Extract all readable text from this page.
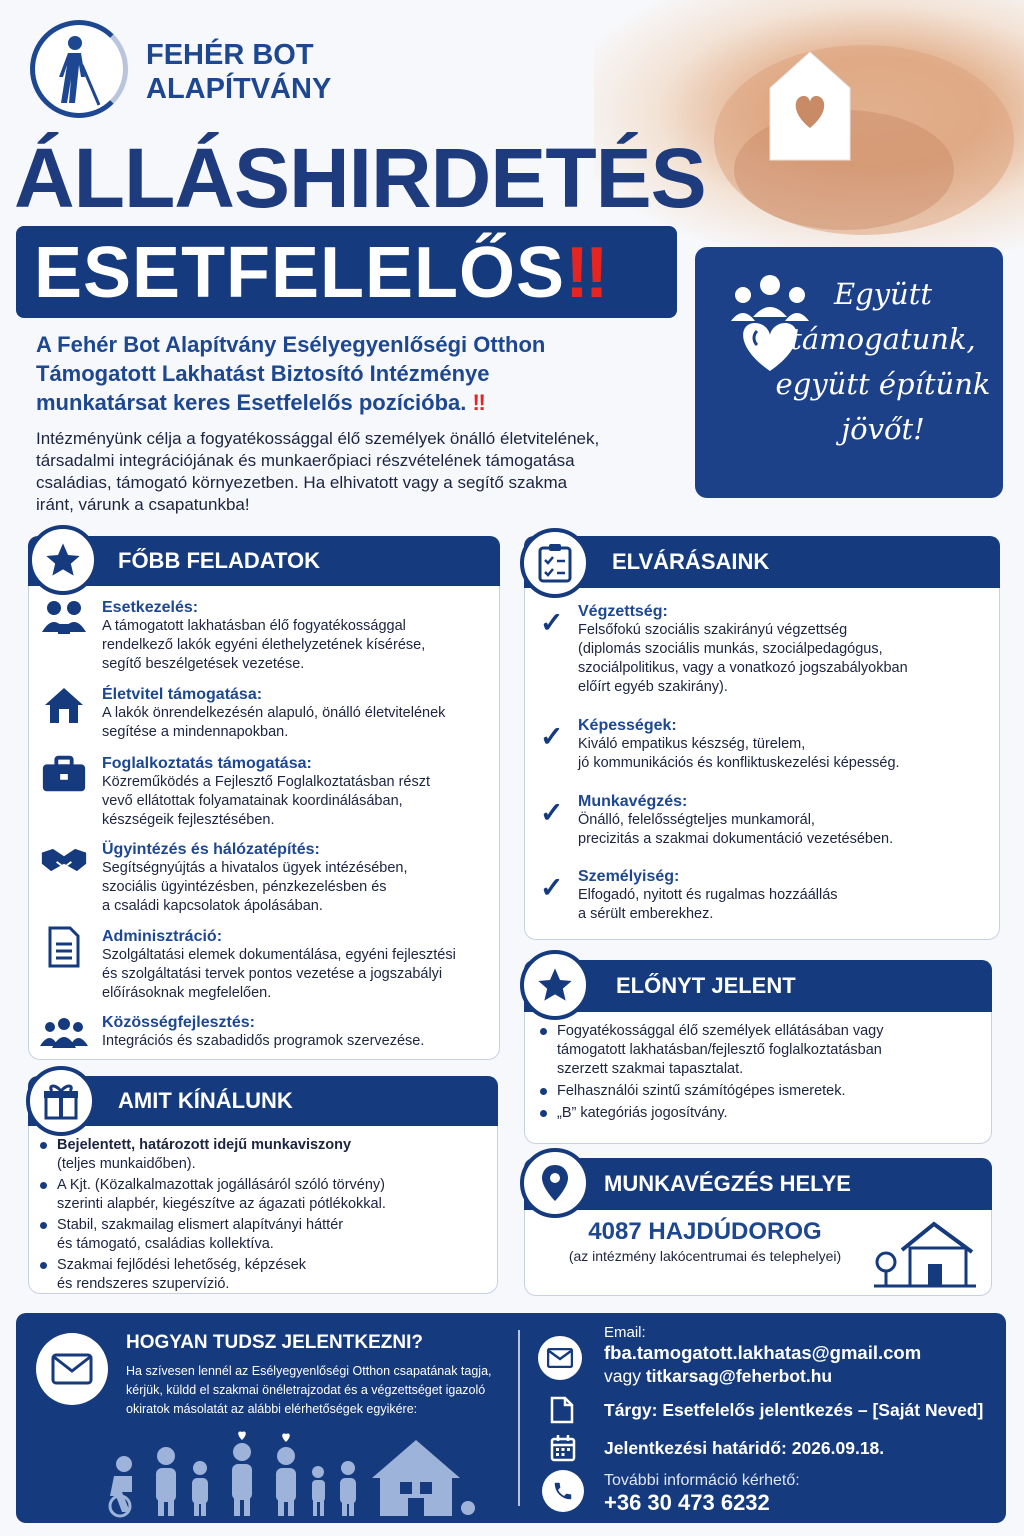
FEHÉR BOT
ALAPÍTVÁNY
ÁLLÁSHIRDETÉS
ESETFELELŐS‼	Együtt
támogatunk,
együtt építünk
jövőt!
A Fehér Bot Alapítvány Esélyegyenlőségi Otthon
Támogatott Lakhatást Biztosító Intézménye
munkatársat keres Esetfelelős pozícióba. ‼
Intézményünk célja a fogyatékossággal élő személyek önálló életvitelének,
társadalmi integrációjának és munkaerőpiaci részvételének támogatása
családias, támogató környezetben. Ha elhivatott vagy a segítő szakma
iránt, várunk a csapatunkba!
FŐBB FELADATOK
Esetkezelés:
A támogatott lakhatásban élő fogyatékossággal
rendelkező lakók egyéni élethelyzetének kísérése,
segítő beszélgetések vezetése.
Életvitel támogatása:
A lakók önrendelkezésén alapuló, önálló életvitelének
segítése a mindennapokban.
Foglalkoztatás támogatása:
Közreműködés a Fejlesztő Foglalkoztatásban részt
vevő ellátottak folyamatainak koordinálásában,
készségeik fejlesztésében.
Ügyintézés és hálózatépítés:
Segítségnyújtás a hivatalos ügyek intézésében,
szociális ügyintézésben, pénzkezelésben és
a családi kapcsolatok ápolásában.
Adminisztráció:
Szolgáltatási elemek dokumentálása, egyéni fejlesztési
és szolgáltatási tervek pontos vezetése a jogszabályi
előírásoknak megfelelően.
Közösségfejlesztés:
Integrációs és szabadidős programok szervezése.
ELVÁRÁSAINK
✓ Végzettség:
Felsőfokú szociális szakirányú végzettség
(diplomás szociális munkás, szociálpedagógus,
szociálpolitikus, vagy a vonatkozó jogszabályokban
előírt egyéb szakirány).
✓ Képességek:
Kiváló empatikus készség, türelem,
jó kommunikációs és konfliktuskezelési képesség.
✓ Munkavégzés:
Önálló, felelősségteljes munkamorál,
precizitás a szakmai dokumentáció vezetésében.
✓ Személyiség:
Elfogadó, nyitott és rugalmas hozzáállás
a sérült emberekhez.
ELŐNYT JELENT
Fogyatékossággal élő személyek ellátásában vagy
támogatott lakhatásban/fejlesztő foglalkoztatásban
szerzett szakmai tapasztalat.
Felhasználói szintű számítógépes ismeretek.
„B” kategóriás jogosítvány.
AMIT KÍNÁLUNK
Bejelentett, határozott idejű munkaviszony
(teljes munkaidőben).
A Kjt. (Közalkalmazottak jogállásáról szóló törvény)
szerinti alapbér, kiegészítve az ágazati pótlékokkal.
Stabil, szakmailag elismert alapítványi háttér
és támogató, családias kollektíva.
Szakmai fejlődési lehetőség, képzések
és rendszeres szupervízió.
MUNKAVÉGZÉS HELYE
4087 HAJDÚDOROG
(az intézmény lakócentrumai és telephelyei)
HOGYAN TUDSZ JELENTKEZNI?
Ha szívesen lennél az Esélyegyenlőségi Otthon csapatának tagja,
kérjük, küldd el szakmai önéletrajzodat és a végzettséget igazoló
okiratok másolatát az alábbi elérhetőségek egyikére:
Email:
fba.tamogatott.lakhatas@gmail.com
vagy titkarsag@feherbot.hu
Tárgy: Esetfelelős jelentkezés – [Saját Neved]
Jelentkezési határidő: 2026.09.18.
További információ kérhető:
+36 30 473 6232
